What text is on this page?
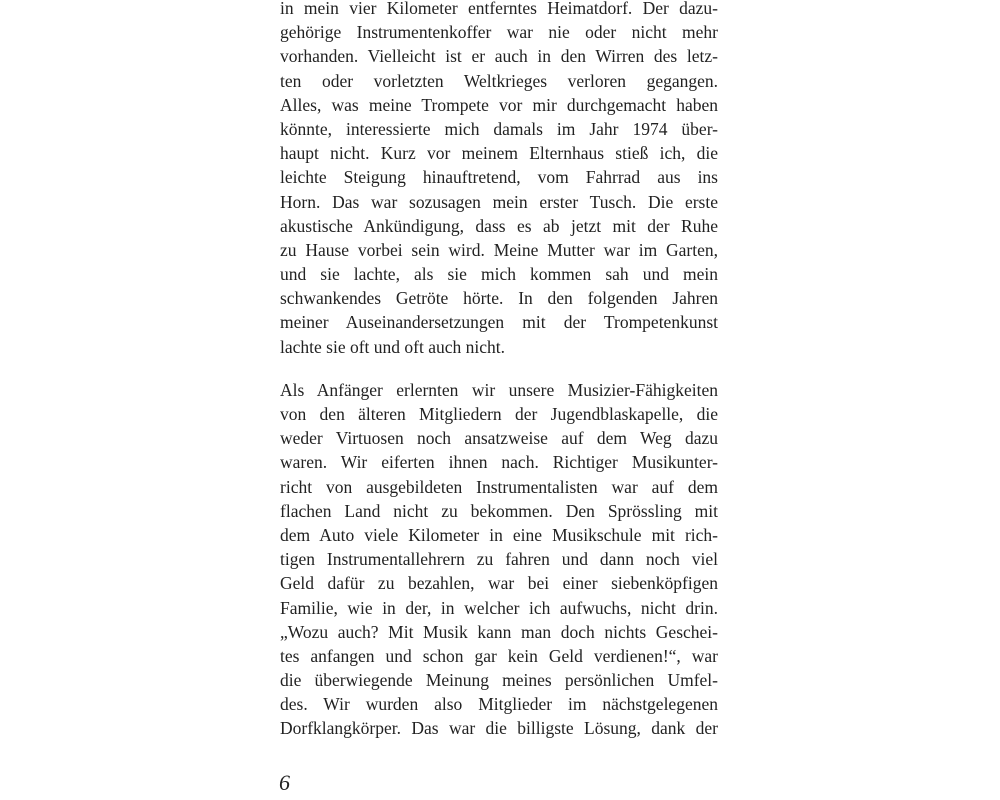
in mein vier Kilometer entferntes Heimatdorf. Der dazu-
gehörige Instrumentenkoffer war nie oder nicht mehr
vorhanden. Vielleicht ist er auch in den Wirren des letz-
ten oder vorletzten Weltkrieges verloren gegangen.
Alles, was meine Trompete vor mir durchgemacht haben
könnte, interessierte mich damals im Jahr 1974 über-
haupt nicht. Kurz vor meinem Elternhaus stieß ich, die
leichte Steigung hinauftretend, vom Fahrrad aus ins
Horn. Das war sozusagen mein erster Tusch. Die erste
akustische Ankündigung, dass es ab jetzt mit der Ruhe
zu Hause vorbei sein wird. Meine Mutter war im Garten,
und sie lachte, als sie mich kommen sah und mein
schwankendes Getröte hörte. In den folgenden Jahren
meiner Auseinandersetzungen mit der Trompetenkunst
lachte sie oft und oft auch nicht.
Als Anfänger erlernten wir unsere Musizier-Fähigkeiten
von den älteren Mitgliedern der Jugendblaskapelle, die
weder Virtuosen noch ansatzweise auf dem Weg dazu
waren. Wir eiferten ihnen nach. Richtiger Musikunter-
richt von ausgebildeten Instrumentalisten war auf dem
flachen Land nicht zu bekommen. Den Sprössling mit
dem Auto viele Kilometer in eine Musikschule mit rich-
tigen Instrumentallehrern zu fahren und dann noch viel
Geld dafür zu bezahlen, war bei einer siebenköpfigen
Familie, wie in der, in welcher ich aufwuchs, nicht drin.
„Wozu auch? Mit Musik kann man doch nichts Geschei-
tes anfangen und schon gar kein Geld verdienen!“, war
die überwiegende Meinung meines persönlichen Umfel-
des. Wir wurden also Mitglieder im nächstgelegenen
Dorfklangkörper. Das war die billigste Lösung, dank der
6
